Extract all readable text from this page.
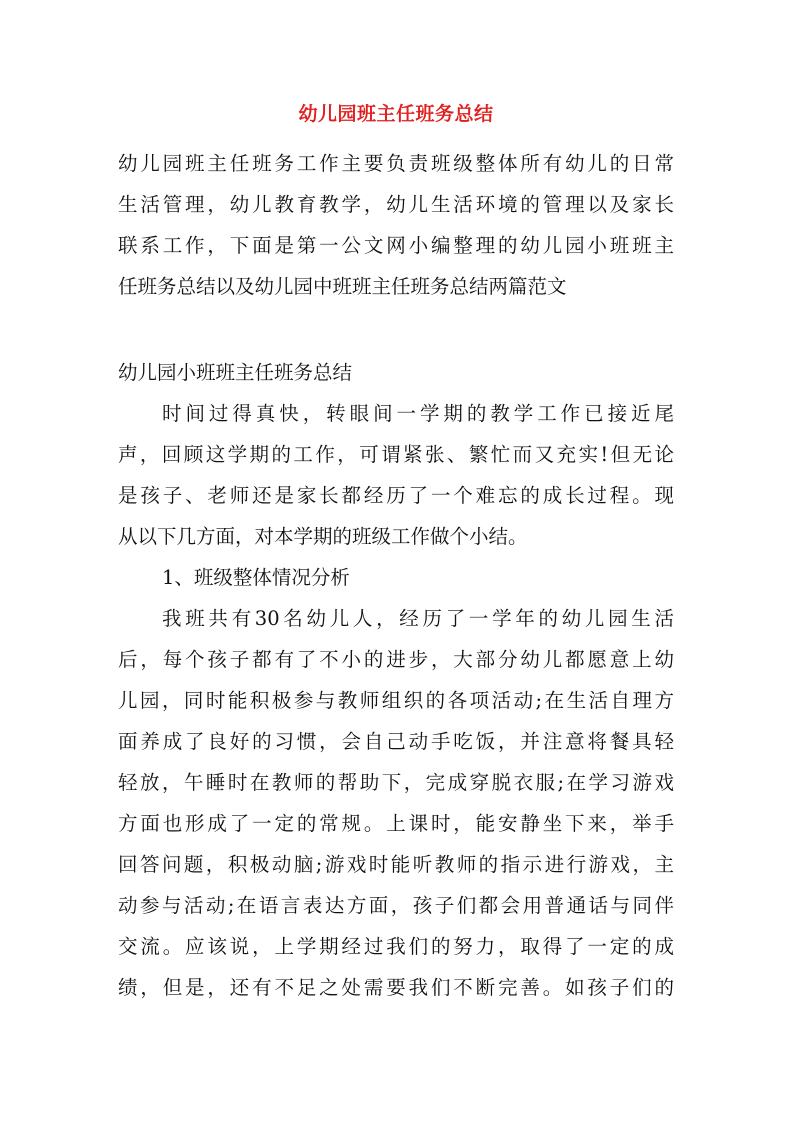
幼儿园班主任班务总结
幼儿园班主任班务工作主要负责班级整体所有幼儿的日常
生活管理，幼儿教育教学，幼儿生活环境的管理以及家长
联系工作，下面是第一公文网小编整理的幼儿园小班班主
任班务总结以及幼儿园中班班主任班务总结两篇范文
幼儿园小班班主任班务总结
时间过得真快，转眼间一学期的教学工作已接近尾
声，回顾这学期的工作，可谓紧张、繁忙而又充实!但无论
是孩子、老师还是家长都经历了一个难忘的成长过程。现
从以下几方面，对本学期的班级工作做个小结。
1、班级整体情况分析
我班共有30名幼儿人，经历了一学年的幼儿园生活
后，每个孩子都有了不小的进步，大部分幼儿都愿意上幼
儿园，同时能积极参与教师组织的各项活动;在生活自理方
面养成了良好的习惯，会自己动手吃饭，并注意将餐具轻
轻放，午睡时在教师的帮助下，完成穿脱衣服;在学习游戏
方面也形成了一定的常规。上课时，能安静坐下来，举手
回答问题，积极动脑;游戏时能听教师的指示进行游戏，主
动参与活动;在语言表达方面，孩子们都会用普通话与同伴
交流。应该说，上学期经过我们的努力，取得了一定的成
绩，但是，还有不足之处需要我们不断完善。如孩子们的
